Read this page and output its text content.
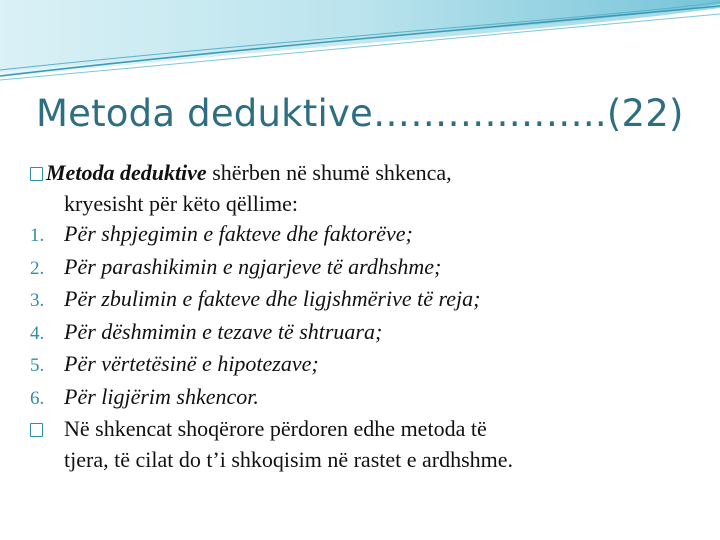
Metoda deduktive………..……..(22)
Metoda deduktive shërben në shumë shkenca,
kryesisht për këto qëllime:
1. Për shpjegimin e fakteve dhe faktorëve;
2. Për parashikimin e ngjarjeve të ardhshme;
3. Për zbulimin e fakteve dhe ligjshmërive të reja;
4. Për dëshmimin e tezave të shtruara;
5. Për vërtetësinë e hipotezave;
6. Për ligjërim shkencor.
Në shkencat shoqërore përdoren edhe metoda të
tjera, të cilat do t’i shkoqisim në rastet e ardhshme.
